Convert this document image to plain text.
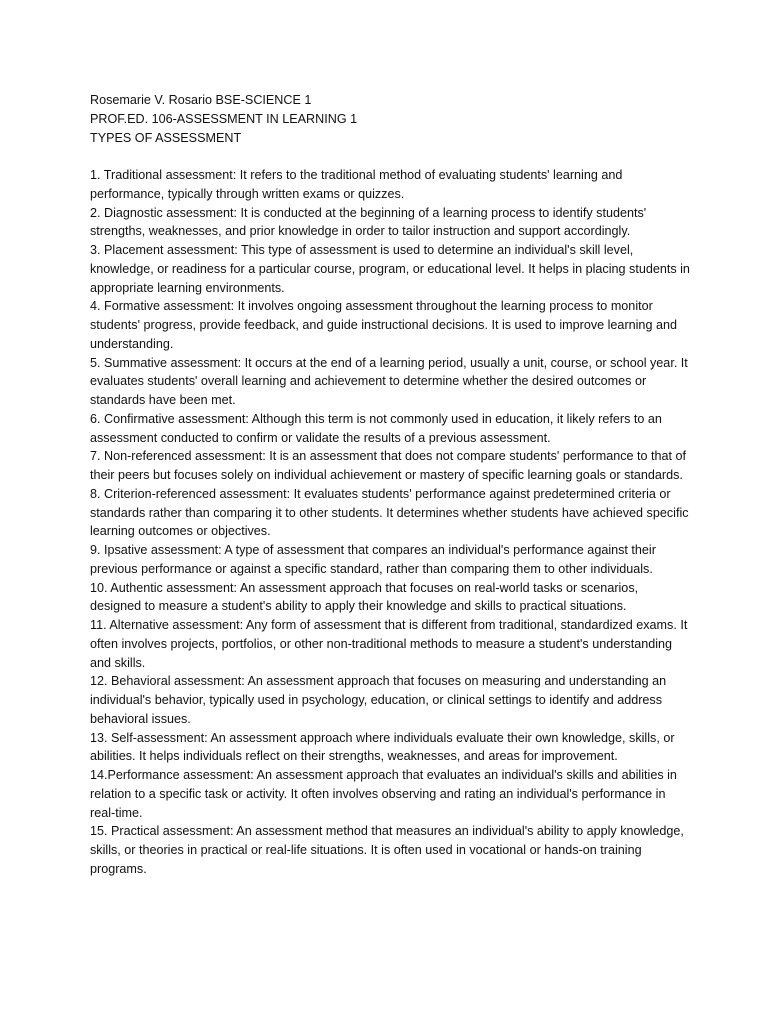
Rosemarie V. Rosario BSE-SCIENCE 1
PROF.ED. 106-ASSESSMENT IN LEARNING 1
TYPES OF ASSESSMENT
1. Traditional assessment: It refers to the traditional method of evaluating students' learning and performance, typically through written exams or quizzes.
2. Diagnostic assessment: It is conducted at the beginning of a learning process to identify students' strengths, weaknesses, and prior knowledge in order to tailor instruction and support accordingly.
3. Placement assessment: This type of assessment is used to determine an individual's skill level, knowledge, or readiness for a particular course, program, or educational level. It helps in placing students in appropriate learning environments.
4. Formative assessment: It involves ongoing assessment throughout the learning process to monitor students' progress, provide feedback, and guide instructional decisions. It is used to improve learning and understanding.
5. Summative assessment: It occurs at the end of a learning period, usually a unit, course, or school year. It evaluates students' overall learning and achievement to determine whether the desired outcomes or standards have been met.
6. Confirmative assessment: Although this term is not commonly used in education, it likely refers to an assessment conducted to confirm or validate the results of a previous assessment.
7. Non-referenced assessment: It is an assessment that does not compare students' performance to that of their peers but focuses solely on individual achievement or mastery of specific learning goals or standards.
8. Criterion-referenced assessment: It evaluates students' performance against predetermined criteria or standards rather than comparing it to other students. It determines whether students have achieved specific learning outcomes or objectives.
9. Ipsative assessment: A type of assessment that compares an individual's performance against their previous performance or against a specific standard, rather than comparing them to other individuals.
10. Authentic assessment: An assessment approach that focuses on real-world tasks or scenarios, designed to measure a student's ability to apply their knowledge and skills to practical situations.
11. Alternative assessment: Any form of assessment that is different from traditional, standardized exams. It often involves projects, portfolios, or other non-traditional methods to measure a student's understanding and skills.
12. Behavioral assessment: An assessment approach that focuses on measuring and understanding an individual's behavior, typically used in psychology, education, or clinical settings to identify and address behavioral issues.
13. Self-assessment: An assessment approach where individuals evaluate their own knowledge, skills, or abilities. It helps individuals reflect on their strengths, weaknesses, and areas for improvement.
14.Performance assessment: An assessment approach that evaluates an individual's skills and abilities in relation to a specific task or activity. It often involves observing and rating an individual's performance in real-time.
15. Practical assessment: An assessment method that measures an individual's ability to apply knowledge, skills, or theories in practical or real-life situations. It is often used in vocational or hands-on training programs.
